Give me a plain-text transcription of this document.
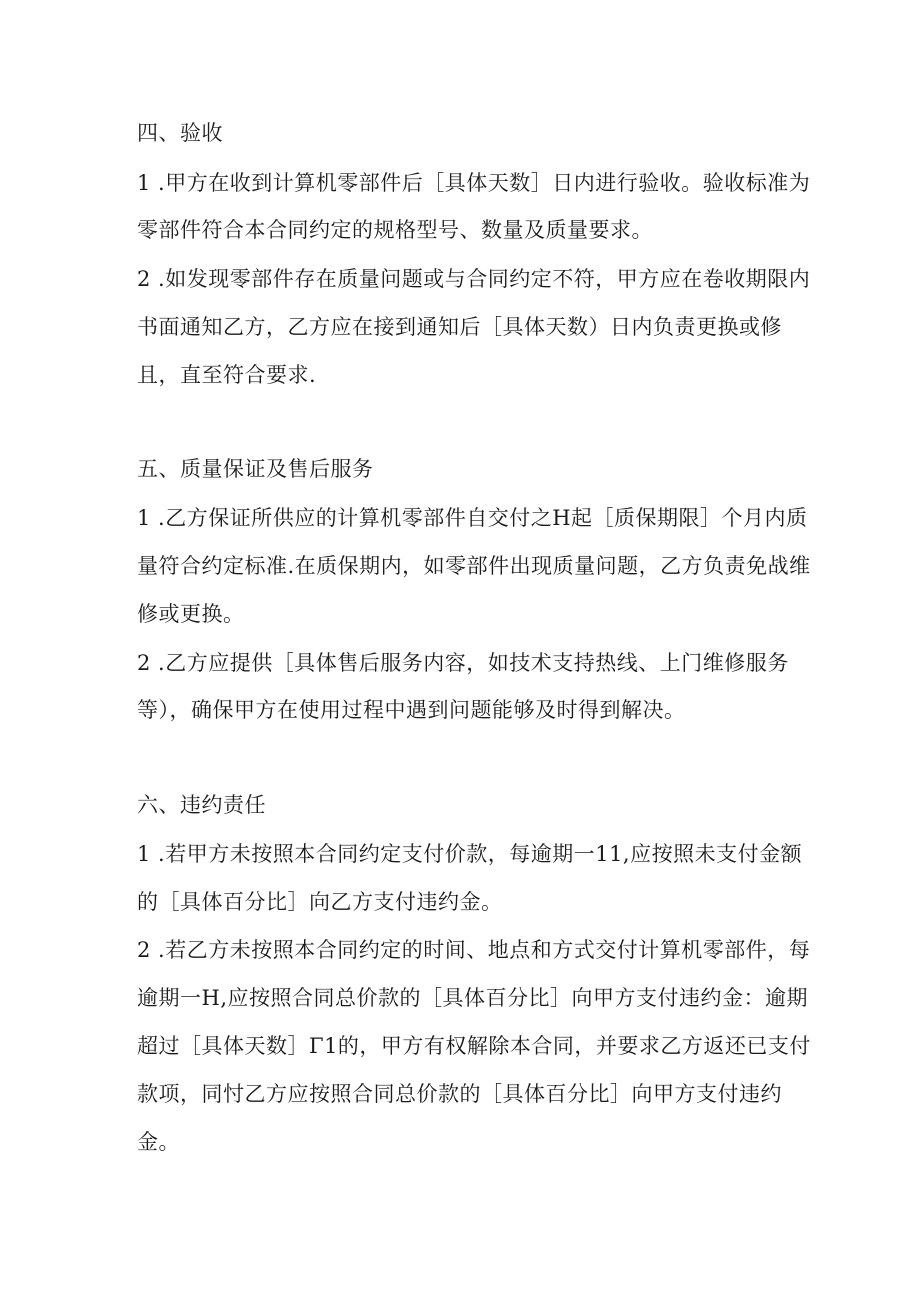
四、验收
1 .甲方在收到计算机零部件后［具体天数］日内进行验收。验收标准为
零部件符合本合同约定的规格型号、数量及质量要求。
2 .如发现零部件存在质量问题或与合同约定不符，甲方应在卷收期限内
书面通知乙方，乙方应在接到通知后［具体天数）日内负责更换或修
且，直至符合要求.
五、质量保证及售后服务
1 .乙方保证所供应的计算机零部件自交付之H起［质保期限］个月内质
量符合约定标准.在质保期内，如零部件出现质量问题，乙方负责免战维
修或更换。
2 .乙方应提供［具体售后服务内容，如技术支持热线、上门维修服务
等），确保甲方在使用过程中遇到问题能够及时得到解决。
六、违约责任
1 .若甲方未按照本合同约定支付价款，每逾期一11,应按照未支付金额
的［具体百分比］向乙方支付违约金。
2 .若乙方未按照本合同约定的时间、地点和方式交付计算机零部件，每
逾期一H,应按照合同总价款的［具体百分比］向甲方支付违约金：逾期
超过［具体天数］Γ1的，甲方有权解除本合同，并要求乙方返还已支付
款项，同忖乙方应按照合同总价款的［具体百分比］向甲方支付违约
金。
